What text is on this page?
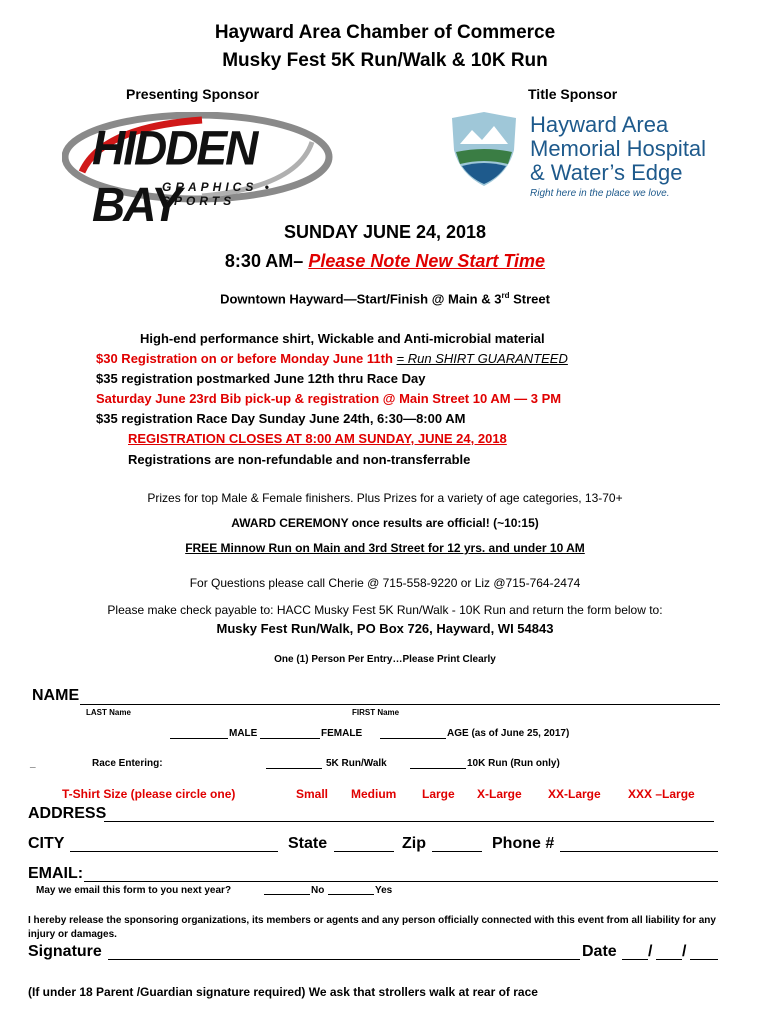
Hayward Area Chamber of Commerce
Musky Fest 5K Run/Walk & 10K Run
Presenting Sponsor	Title Sponsor
HIDDEN BAY
GRAPHICS • SPORTS
Hayward Area
Memorial Hospital
& Water’s Edge
Right here in the place we love.
SUNDAY JUNE 24, 2018
8:30 AM– Please Note New Start Time
Downtown Hayward—Start/Finish @ Main & 3rd Street
High-end performance shirt, Wickable and Anti-microbial material
$30 Registration on or before Monday June 11th = Run SHIRT GUARANTEED
$35 registration postmarked June 12th thru Race Day
Saturday June 23rd Bib pick-up & registration @ Main Street 10 AM — 3 PM
$35 registration Race Day Sunday June 24th, 6:30—8:00 AM
REGISTRATION CLOSES AT 8:00 AM SUNDAY, JUNE 24, 2018
Registrations are non-refundable and non-transferrable
Prizes for top Male & Female finishers. Plus Prizes for a variety of age categories, 13-70+
AWARD CEREMONY once results are official! (~10:15)
FREE Minnow Run on Main and 3rd Street for 12 yrs. and under 10 AM
For Questions please call Cherie @ 715-558-9220 or Liz @715-764-2474
Please make check payable to: HACC Musky Fest 5K Run/Walk - 10K Run and return the form below to:
Musky Fest Run/Walk, PO Box 726, Hayward, WI 54843
One (1) Person Per Entry…Please Print Clearly
NAME
LAST Name	FIRST Name
MALE	FEMALE	AGE (as of June 25, 2017)
_	Race Entering:	5K Run/Walk	10K Run (Run only)
T-Shirt Size (please circle one)	Small Medium Large X-Large XX-Large XXX –Large
ADDRESS
CITY	State	Zip	Phone #
EMAIL:
May we email this form to you next year?	No	Yes
I hereby release the sponsoring organizations, its members or agents and any person officially connected with this event from all liability for any injury or damages.
Signature	Date / /
(If under 18 Parent /Guardian signature required) We ask that strollers walk at rear of race
